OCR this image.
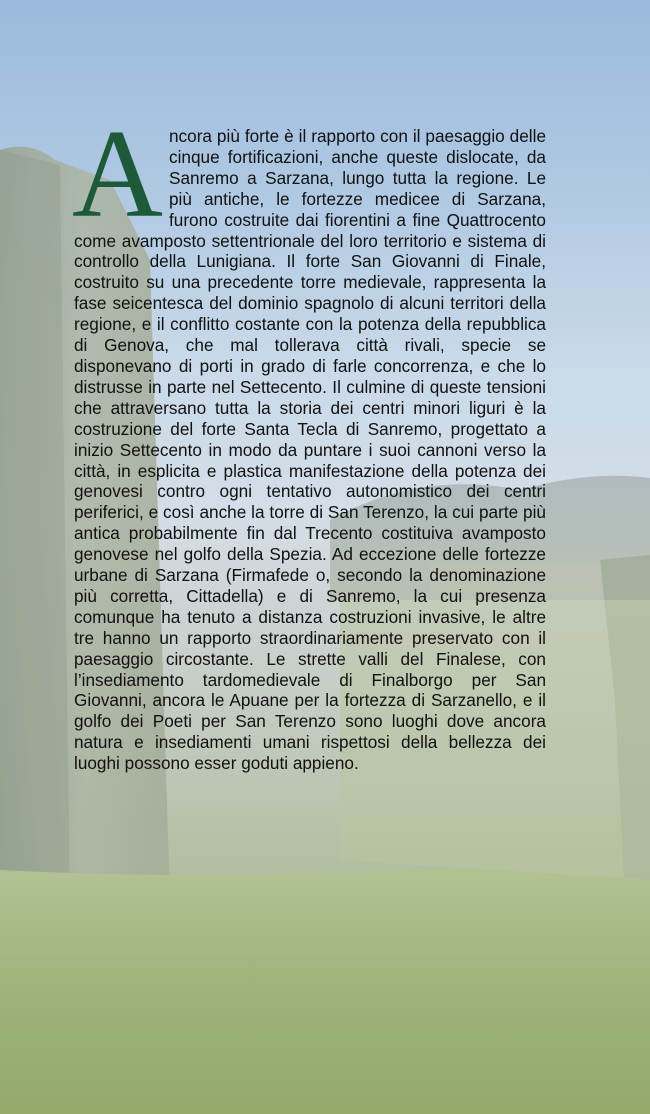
A ncora più forte è il rapporto con il paesaggio delle cinque fortificazioni, anche queste dislocate, da Sanremo a Sarzana, lungo tutta la regione. Le più antiche, le fortezze medicee di Sarzana, furono costruite dai fiorentini a fine Quattrocento come avamposto settentrionale del loro territorio e sistema di controllo della Lunigiana. Il forte San Giovanni di Finale, costruito su una precedente torre medievale, rappresenta la fase seicentesca del dominio spagnolo di alcuni territori della regione, e il conflitto costante con la potenza della repubblica di Genova, che mal tollerava città rivali, specie se disponevano di porti in grado di farle concorrenza, e che lo distrusse in parte nel Settecento. Il culmine di queste tensioni che attraversano tutta la storia dei centri minori liguri è la costruzione del forte Santa Tecla di Sanremo, progettato a inizio Settecento in modo da puntare i suoi cannoni verso la città, in esplicita e plastica manifestazione della potenza dei genovesi contro ogni tentativo autonomistico dei centri periferici, e così anche la torre di San Terenzo, la cui parte più antica probabilmente fin dal Trecento costituiva avamposto genovese nel golfo della Spezia. Ad eccezione delle fortezze urbane di Sarzana (Firmafede o, secondo la denominazione più corretta, Cittadella) e di Sanremo, la cui presenza comunque ha tenuto a distanza costruzioni invasive, le altre tre hanno un rapporto straordinariamente preservato con il paesaggio circostante. Le strette valli del Finalese, con l’insediamento tardomedievale di Finalborgo per San Giovanni, ancora le Apuane per la fortezza di Sarzanello, e il golfo dei Poeti per San Terenzo sono luoghi dove ancora natura e insediamenti umani rispettosi della bellezza dei luoghi possono esser goduti appieno.
